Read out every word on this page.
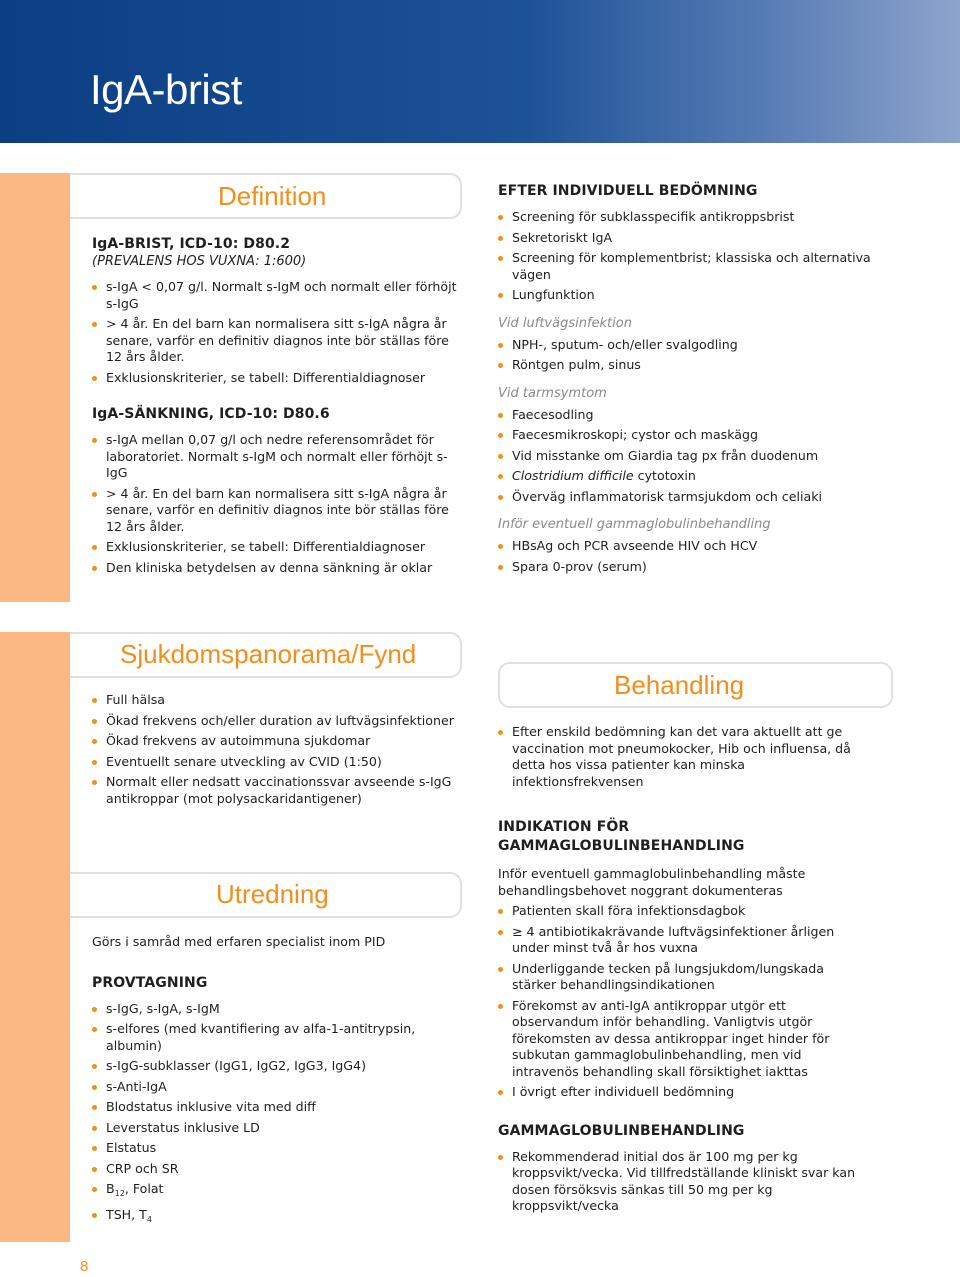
IgA-brist
Definition
IgA-BRIST, ICD-10: D80.2
(PREVALENS HOS VUXNA: 1:600)
s-IgA < 0,07 g/l. Normalt s-IgM och normalt eller förhöjt s-IgG
> 4 år. En del barn kan normalisera sitt s-IgA några år senare, varför en definitiv diagnos inte bör ställas före 12 års ålder.
Exklusionskriterier, se tabell: Differentialdiagnoser
IgA-SÄNKNING, ICD-10: D80.6
s-IgA mellan 0,07 g/l och nedre referensområdet för laboratoriet. Normalt s-IgM och normalt eller förhöjt s-IgG
> 4 år. En del barn kan normalisera sitt s-IgA några år senare, varför en definitiv diagnos inte bör ställas före 12 års ålder.
Exklusionskriterier, se tabell: Differentialdiagnoser
Den kliniska betydelsen av denna sänkning är oklar
EFTER INDIVIDUELL BEDÖMNING
Screening för subklasspecifik antikroppsbrist
Sekretoriskt IgA
Screening för komplementbrist; klassiska och alternativa vägen
Lungfunktion
Vid luftvägsinfektion
NPH-, sputum- och/eller svalgodling
Röntgen pulm, sinus
Vid tarmsymtom
Faecesodling
Faecesmikroskopi; cystor och maskägg
Vid misstanke om Giardia tag px från duodenum
Clostridium difficile cytotoxin
Överväg inflammatorisk tarmsjukdom och celiaki
Inför eventuell gammaglobulinbehandling
HBsAg och PCR avseende HIV och HCV
Spara 0-prov (serum)
Sjukdomspanorama/Fynd
Full hälsa
Ökad frekvens och/eller duration av luftvägsinfektioner
Ökad frekvens av autoimmuna sjukdomar
Eventuellt senare utveckling av CVID (1:50)
Normalt eller nedsatt vaccinationssvar avseende s-IgG antikroppar (mot polysackaridantigener)
Utredning
Görs i samråd med erfaren specialist inom PID
PROVTAGNING
s-IgG, s-IgA, s-IgM
s-elfores (med kvantifiering av alfa-1-antitrypsin, albumin)
s-IgG-subklasser (IgG1, IgG2, IgG3, IgG4)
s-Anti-IgA
Blodstatus inklusive vita med diff
Leverstatus inklusive LD
Elstatus
CRP och SR
$B_{12}$, Folat
TSH, $T_4$
Behandling
Efter enskild bedömning kan det vara aktuellt att ge vaccination mot pneumokocker, Hib och influensa, då detta hos vissa patienter kan minska infektionsfrekvensen
INDIKATION FÖR GAMMAGLOBULINBEHANDLING
Inför eventuell gammaglobulinbehandling måste behandlingsbehovet noggrant dokumenteras
Patienten skall föra infektionsdagbok
≥ 4 antibiotikakrävande luftvägsinfektioner årligen under minst två år hos vuxna
Underliggande tecken på lungsjukdom/lungskada stärker behandlingsindikationen
Förekomst av anti-IgA antikroppar utgör ett observandum inför behandling. Vanligtvis utgör förekomsten av dessa antikroppar inget hinder för subkutan gammaglobulinbehandling, men vid intravenös behandling skall försiktighet iakttas
I övrigt efter individuell bedömning
GAMMAGLOBULINBEHANDLING
Rekommenderad initial dos är 100 mg per kg kroppsvikt/vecka. Vid tillfredställande kliniskt svar kan dosen försöksvis sänkas till 50 mg per kg kroppsvikt/vecka
8
